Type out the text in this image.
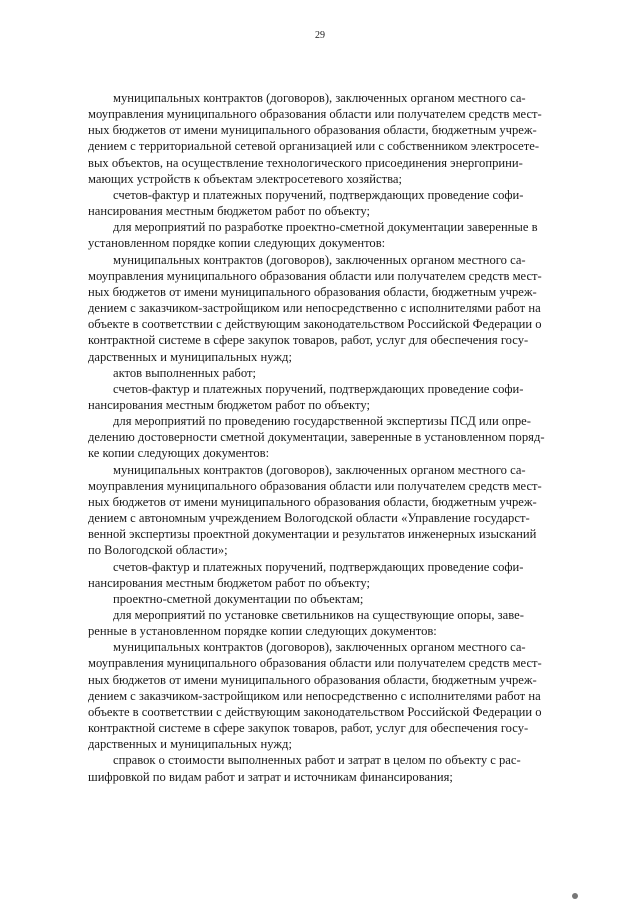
29

муниципальных контрактов (договоров), заключенных органом местного са-
моуправления муниципального образования области или получателем средств мест-
ных бюджетов от имени муниципального образования области, бюджетным учреж-
дением с территориальной сетевой организацией или с собственником электросете-
вых объектов, на осуществление технологического присоединения энергоприни-
мающих устройств к объектам электросетевого хозяйства;

счетов-фактур и платежных поручений, подтверждающих проведение софи-
нансирования местным бюджетом работ по объекту;

для мероприятий по разработке проектно-сметной документации заверенные в
установленном порядке копии следующих документов:

муниципальных контрактов (договоров), заключенных органом местного са-
моуправления муниципального образования области или получателем средств мест-
ных бюджетов от имени муниципального образования области, бюджетным учреж-
дением с заказчиком-застройщиком или непосредственно с исполнителями работ на
объекте в соответствии с действующим законодательством Российской Федерации о
контрактной системе в сфере закупок товаров, работ, услуг для обеспечения госу-
дарственных и муниципальных нужд;

актов выполненных работ;

счетов-фактур и платежных поручений, подтверждающих проведение софи-
нансирования местным бюджетом работ по объекту;

для мероприятий по проведению государственной экспертизы ПСД или опре-
делению достоверности сметной документации, заверенные в установленном поряд-
ке копии следующих документов:

муниципальных контрактов (договоров), заключенных органом местного са-
моуправления муниципального образования области или получателем средств мест-
ных бюджетов от имени муниципального образования области, бюджетным учреж-
дением с автономным учреждением Вологодской области «Управление государст-
венной экспертизы проектной документации и результатов инженерных изысканий
по Вологодской области»;

счетов-фактур и платежных поручений, подтверждающих проведение софи-
нансирования местным бюджетом работ по объекту;

проектно-сметной документации по объектам;

для мероприятий по установке светильников на существующие опоры, заве-
ренные в установленном порядке копии следующих документов:

муниципальных контрактов (договоров), заключенных органом местного са-
моуправления муниципального образования области или получателем средств мест-
ных бюджетов от имени муниципального образования области, бюджетным учреж-
дением с заказчиком-застройщиком или непосредственно с исполнителями работ на
объекте в соответствии с действующим законодательством Российской Федерации о
контрактной системе в сфере закупок товаров, работ, услуг для обеспечения госу-
дарственных и муниципальных нужд;

справок о стоимости выполненных работ и затрат в целом по объекту с рас-
шифровкой по видам работ и затрат и источникам финансирования;
